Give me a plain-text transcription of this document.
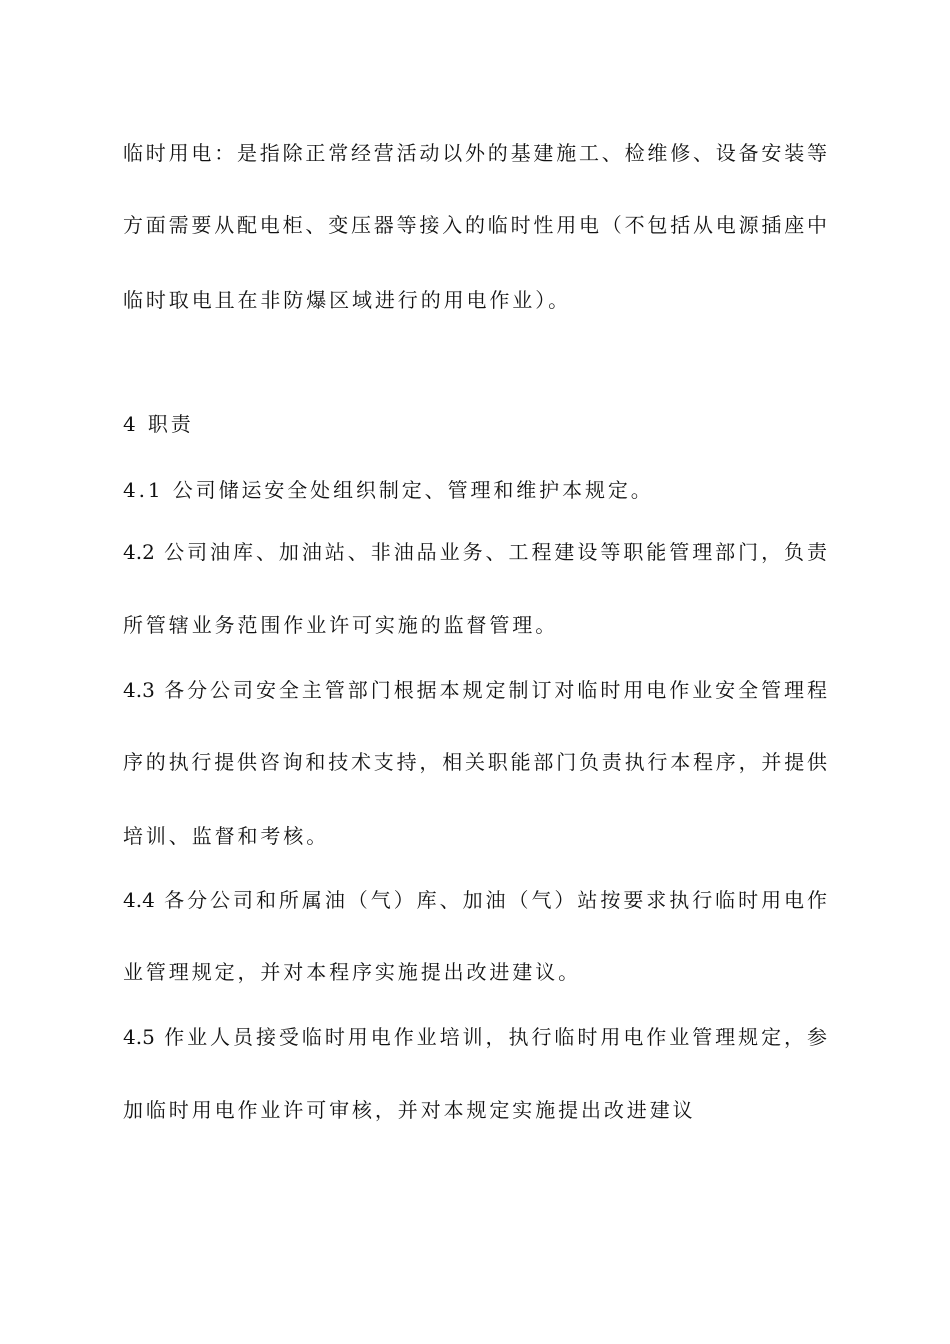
临时用电：是指除正常经营活动以外的基建施工、检维修、设备安装等
方面需要从配电柜、变压器等接入的临时性用电（不包括从电源插座中
临时取电且在非防爆区域进行的用电作业）。
4 职责
4.1 公司储运安全处组织制定、管理和维护本规定。
4.2 公司油库、加油站、非油品业务、工程建设等职能管理部门，负责
所管辖业务范围作业许可实施的监督管理。
4.3 各分公司安全主管部门根据本规定制订对临时用电作业安全管理程
序的执行提供咨询和技术支持，相关职能部门负责执行本程序，并提供
培训、监督和考核。
4.4 各分公司和所属油（气）库、加油（气）站按要求执行临时用电作
业管理规定，并对本程序实施提出改进建议。
4.5 作业人员接受临时用电作业培训，执行临时用电作业管理规定，参
加临时用电作业许可审核，并对本规定实施提出改进建议
